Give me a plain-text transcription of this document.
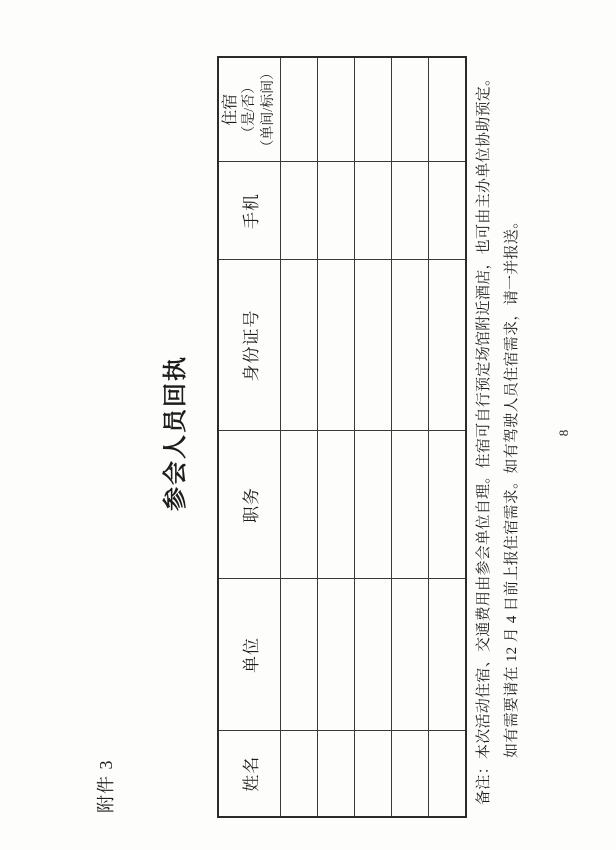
附件 3
参会人员回执
姓名	单位	职务	身份证号	手机	住宿 （是/否） （单间/标间）

						备注：本次活动住宿、交通费用由参会单位自理。住宿可自行预定场馆附近酒店，也可由主办单位协助预定。 如有需要请在 12 月 4 日前上报住宿需求。如有驾驶人员住宿需求，请一并报送。	8
